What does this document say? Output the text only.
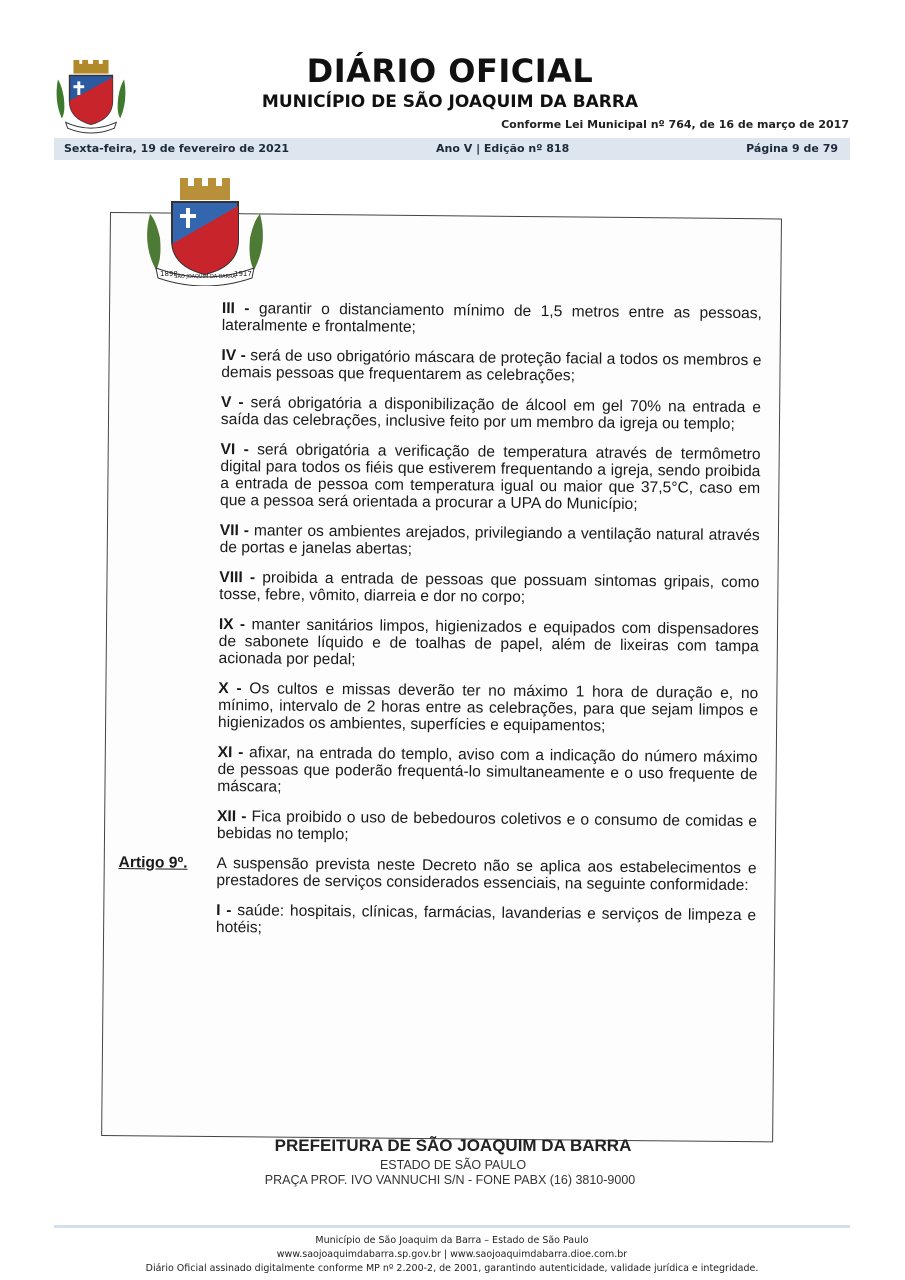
DIÁRIO OFICIAL
MUNICÍPIO DE SÃO JOAQUIM DA BARRA
Conforme Lei Municipal nº 764, de 16 de março de 2017
Sexta-feira, 19 de fevereiro de 2021	Ano V | Edição nº 818	Página 9 de 79
1898	1917
SÃO JOAQUIM DA BARRA

III - garantir o distanciamento mínimo de 1,5 metros entre as pessoas, lateralmente e frontalmente;

IV - será de uso obrigatório máscara de proteção facial a todos os membros e demais pessoas que frequentarem as celebrações;

V - será obrigatória a disponibilização de álcool em gel 70% na entrada e saída das celebrações, inclusive feito por um membro da igreja ou templo;

VI - será obrigatória a verificação de temperatura através de termômetro digital para todos os fiéis que estiverem frequentando a igreja, sendo proibida a entrada de pessoa com temperatura igual ou maior que 37,5°C, caso em que a pessoa será orientada a procurar a UPA do Município;

VII - manter os ambientes arejados, privilegiando a ventilação natural através de portas e janelas abertas;

VIII - proibida a entrada de pessoas que possuam sintomas gripais, como tosse, febre, vômito, diarreia e dor no corpo;

IX - manter sanitários limpos, higienizados e equipados com dispensadores de sabonete líquido e de toalhas de papel, além de lixeiras com tampa acionada por pedal;

X - Os cultos e missas deverão ter no máximo 1 hora de duração e, no mínimo, intervalo de 2 horas entre as celebrações, para que sejam limpos e higienizados os ambientes, superfícies e equipamentos;

XI - afixar, na entrada do templo, aviso com a indicação do número máximo de pessoas que poderão frequentá-lo simultaneamente e o uso frequente de máscara;

XII - Fica proibido o uso de bebedouros coletivos e o consumo de comidas e bebidas no templo;

Artigo 9º. A suspensão prevista neste Decreto não se aplica aos estabelecimentos e prestadores de serviços considerados essenciais, na seguinte conformidade:

I - saúde: hospitais, clínicas, farmácias, lavanderias e serviços de limpeza e hotéis;

PREFEITURA DE SÃO JOAQUIM DA BARRA
ESTADO DE SÃO PAULO
PRAÇA PROF. IVO VANNUCHI S/N - FONE PABX (16) 3810-9000
Município de São Joaquim da Barra – Estado de São Paulo
www.saojoaquimdabarra.sp.gov.br | www.saojoaquimdabarra.dioe.com.br
Diário Oficial assinado digitalmente conforme MP nº 2.200-2, de 2001, garantindo autenticidade, validade jurídica e integridade.
